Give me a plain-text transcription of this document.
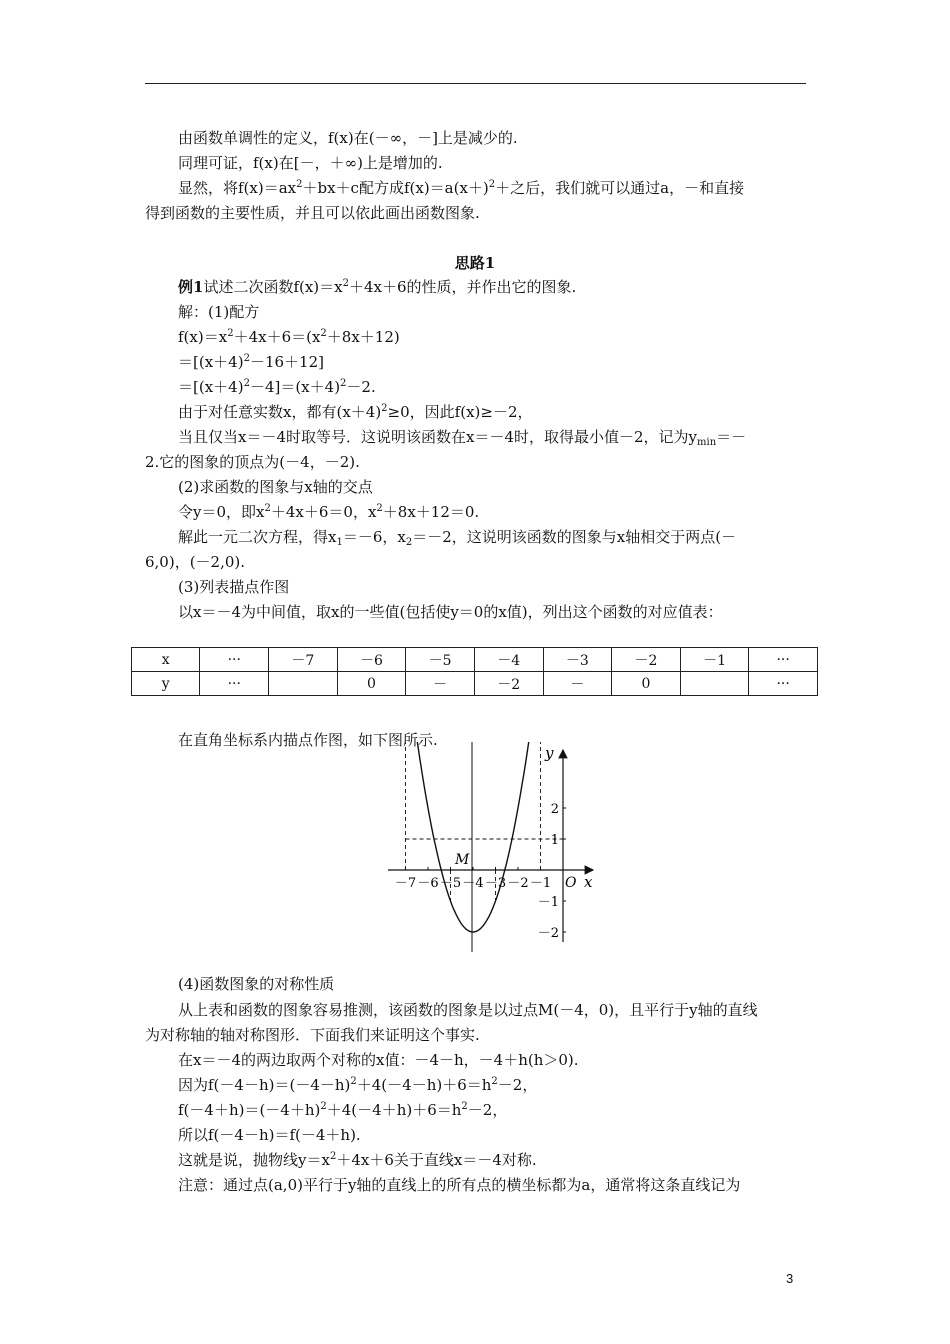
由函数单调性的定义，f(x)在(－∞，－]上是减少的.
同理可证，f(x)在[－，＋∞)上是增加的.
显然，将$f(x)=ax^2+bx+c$配方成$f(x)=a(x+)^2+$之后，我们就可以通过a，－和直接
得到函数的主要性质，并且可以依此画出函数图象.
思路1
例1试述二次函数$f(x)=x^2+4x+6$的性质，并作出它的图象.
解：(1)配方
$f(x)=x^2+4x+6=(x^2+8x+12)$
$=[(x+4)^2-16+12]$
$=[(x+4)^2-4]=(x+4)^2-2$.
由于对任意实数x，都有$(x+4)^2\ge 0$，因此f(x)≥－2，
当且仅当x＝－4时取等号．这说明该函数在x＝－4时，取得最小值－2，记为$y_{min}=-$
2.它的图象的顶点为(－4，－2).
(2)求函数的图象与x轴的交点
令y＝0，即$x^2+4x+6=0$，$x^2+8x+12=0$.
解此一元二次方程，得$x_1=-6$，$x_2=-2$，这说明该函数的图象与x轴相交于两点(－
6,0)，(－2,0).
(3)列表描点作图
以x＝－4为中间值，取x的一些值(包括使y＝0的x值)，列出这个函数的对应值表：
x	···	－7	－6	－5	－4	－3	－2	－1	···
y	···		0	－	－2	－	0		···
在直角坐标系内描点作图，如下图所示.
－7 －6 －5 －4 －3 －2 －1
2
1
－1
－2
y
x
O
M
(4)函数图象的对称性质
从上表和函数的图象容易推测，该函数的图象是以过点M(－4，0)，且平行于y轴的直线
为对称轴的轴对称图形．下面我们来证明这个事实.
在x＝－4的两边取两个对称的x值：－4－h，－4＋h(h＞0).
因为$f(-4-h)=(-4-h)^2+4(-4-h)+6=h^2-2$，
$f(-4+h)=(-4+h)^2+4(-4+h)+6=h^2-2$，
所以f(－4－h)＝f(－4＋h).
这就是说，抛物线$y=x^2+4x+6$关于直线x＝－4对称.
注意：通过点(a,0)平行于y轴的直线上的所有点的横坐标都为a，通常将这条直线记为
3
